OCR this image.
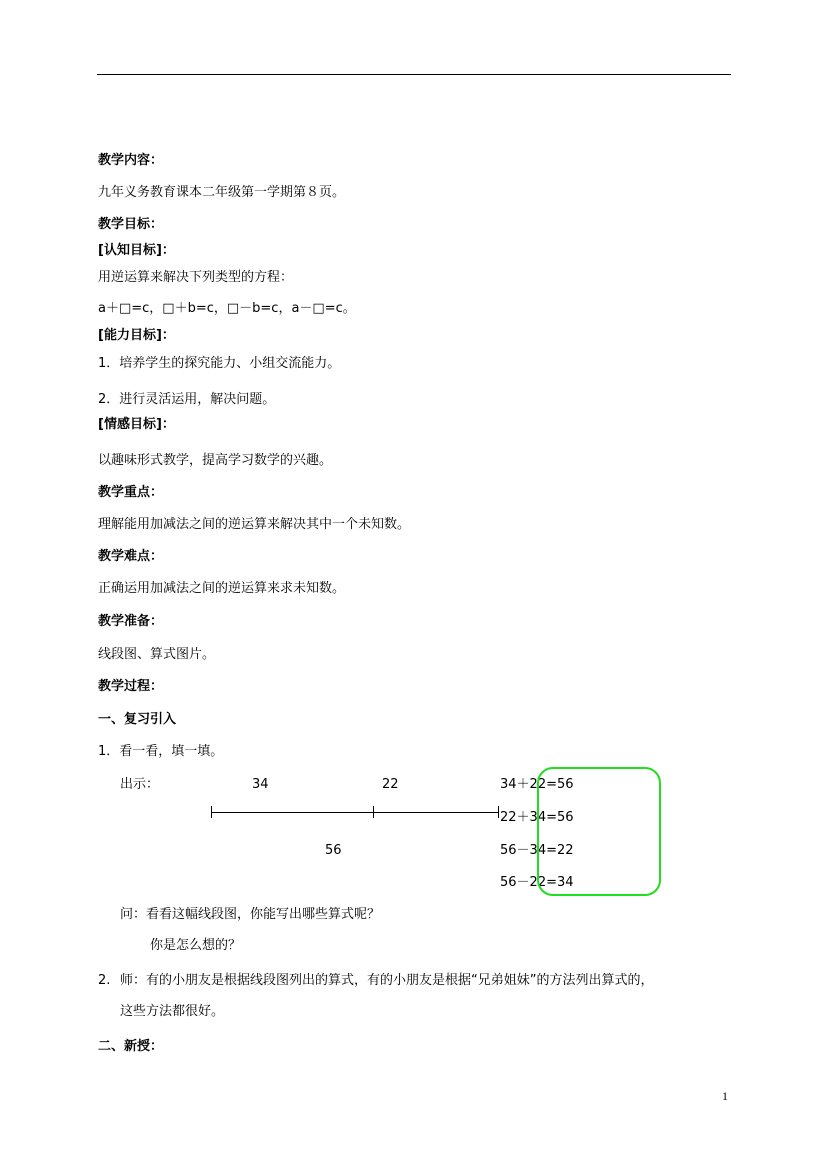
教学内容：
九年义务教育课本二年级第一学期第８页。
教学目标：
[认知目标]：
用逆运算来解决下列类型的方程：
a＋□=c，□＋b=c，□－b=c，a－□=c。
[能力目标]：
1．培养学生的探究能力、小组交流能力。
2．进行灵活运用，解决问题。
[情感目标]：
以趣味形式教学，提高学习数学的兴趣。
教学重点：
理解能用加减法之间的逆运算来解决其中一个未知数。
教学难点：
正确运用加减法之间的逆运算来求未知数。
教学准备：
线段图、算式图片。
教学过程：
一、复习引入
1．看一看，填一填。
出示：	34	22
56
34＋22=56
22＋34=56
56－34=22
56－22=34
问：看看这幅线段图，你能写出哪些算式呢？
你是怎么想的？
2. 师：有的小朋友是根据线段图列出的算式，有的小朋友是根据“兄弟姐妹”的方法列出算式的，
这些方法都很好。
二、新授：
1
